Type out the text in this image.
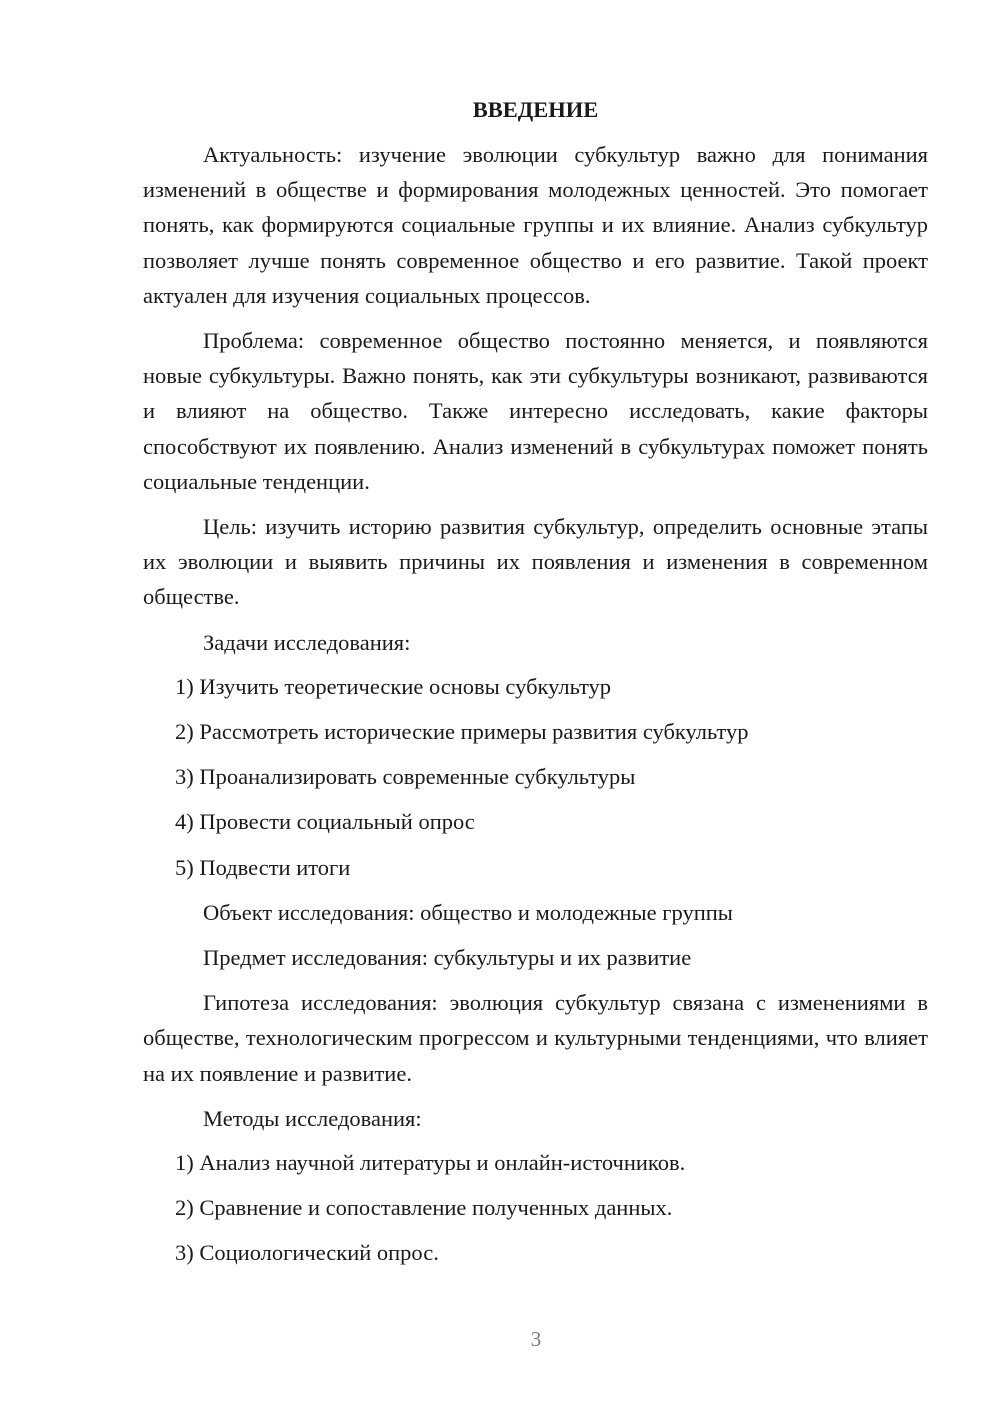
ВВЕДЕНИЕ

Актуальность: изучение эволюции субкультур важно для понимания изменений в обществе и формирования молодежных ценностей. Это помогает понять, как формируются социальные группы и их влияние. Анализ субкультур позволяет лучше понять современное общество и его развитие. Такой проект актуален для изучения социальных процессов.

Проблема: современное общество постоянно меняется, и появляются новые субкультуры. Важно понять, как эти субкультуры возникают, развиваются и влияют на общество. Также интересно исследовать, какие факторы способствуют их появлению. Анализ изменений в субкультурах поможет понять социальные тенденции.

Цель: изучить историю развития субкультур, определить основные этапы их эволюции и выявить причины их появления и изменения в современном обществе.

Задачи исследования:

1) Изучить теоретические основы субкультур

2) Рассмотреть исторические примеры развития субкультур

3) Проанализировать современные субкультуры

4) Провести социальный опрос

5) Подвести итоги

Объект исследования: общество и молодежные группы

Предмет исследования: субкультуры и их развитие

Гипотеза исследования: эволюция субкультур связана с изменениями в обществе, технологическим прогрессом и культурными тенденциями, что влияет на их появление и развитие.

Методы исследования:

1) Анализ научной литературы и онлайн-источников.

2) Сравнение и сопоставление полученных данных.

3) Социологический опрос.

3
